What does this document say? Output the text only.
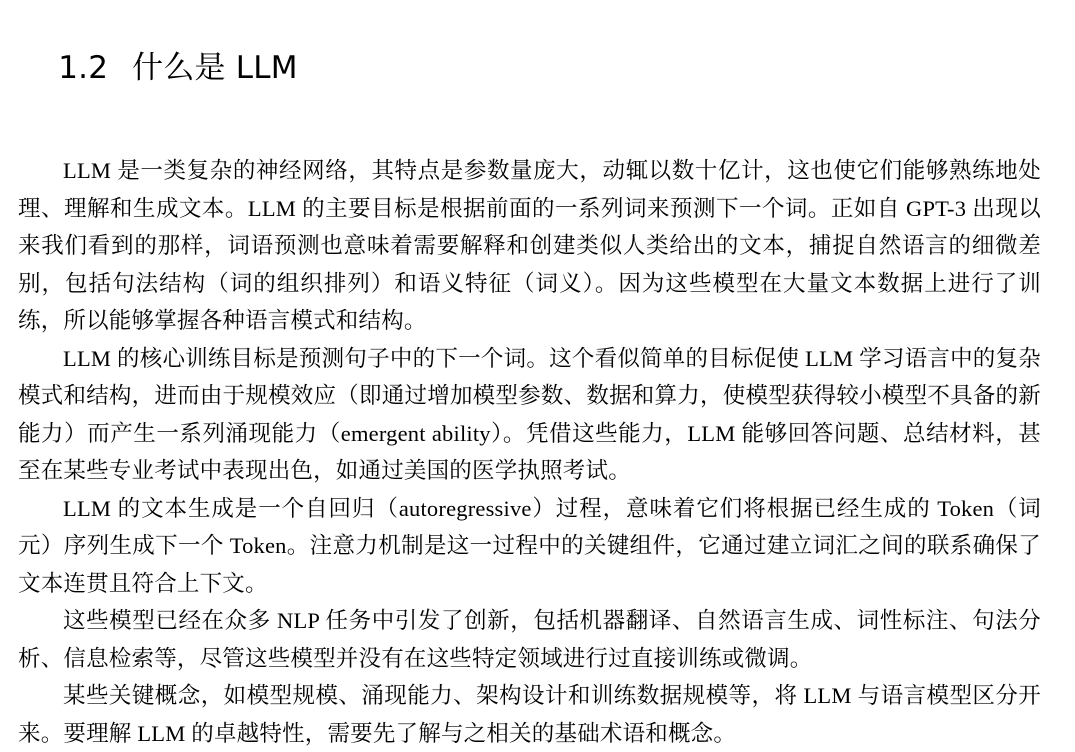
1.2 什么是 LLM

LLM 是一类复杂的神经网络，其特点是参数量庞大，动辄以数十亿计，这也使它们能够熟练地处理、理解和生成文本。LLM 的主要目标是根据前面的一系列词来预测下一个词。正如自 GPT-3 出现以来我们看到的那样，词语预测也意味着需要解释和创建类似人类给出的文本，捕捉自然语言的细微差别，包括句法结构（词的组织排列）和语义特征（词义）。因为这些模型在大量文本数据上进行了训练，所以能够掌握各种语言模式和结构。

LLM 的核心训练目标是预测句子中的下一个词。这个看似简单的目标促使 LLM 学习语言中的复杂模式和结构，进而由于规模效应（即通过增加模型参数、数据和算力，使模型获得较小模型不具备的新能力）而产生一系列涌现能力（emergent ability）。凭借这些能力，LLM 能够回答问题、总结材料，甚至在某些专业考试中表现出色，如通过美国的医学执照考试。

LLM 的文本生成是一个自回归（autoregressive）过程，意味着它们将根据已经生成的 Token（词元）序列生成下一个 Token。注意力机制是这一过程中的关键组件，它通过建立词汇之间的联系确保了文本连贯且符合上下文。

这些模型已经在众多 NLP 任务中引发了创新，包括机器翻译、自然语言生成、词性标注、句法分析、信息检索等，尽管这些模型并没有在这些特定领域进行过直接训练或微调。

某些关键概念，如模型规模、涌现能力、架构设计和训练数据规模等，将 LLM 与语言模型区分开来。要理解 LLM 的卓越特性，需要先了解与之相关的基础术语和概念。
